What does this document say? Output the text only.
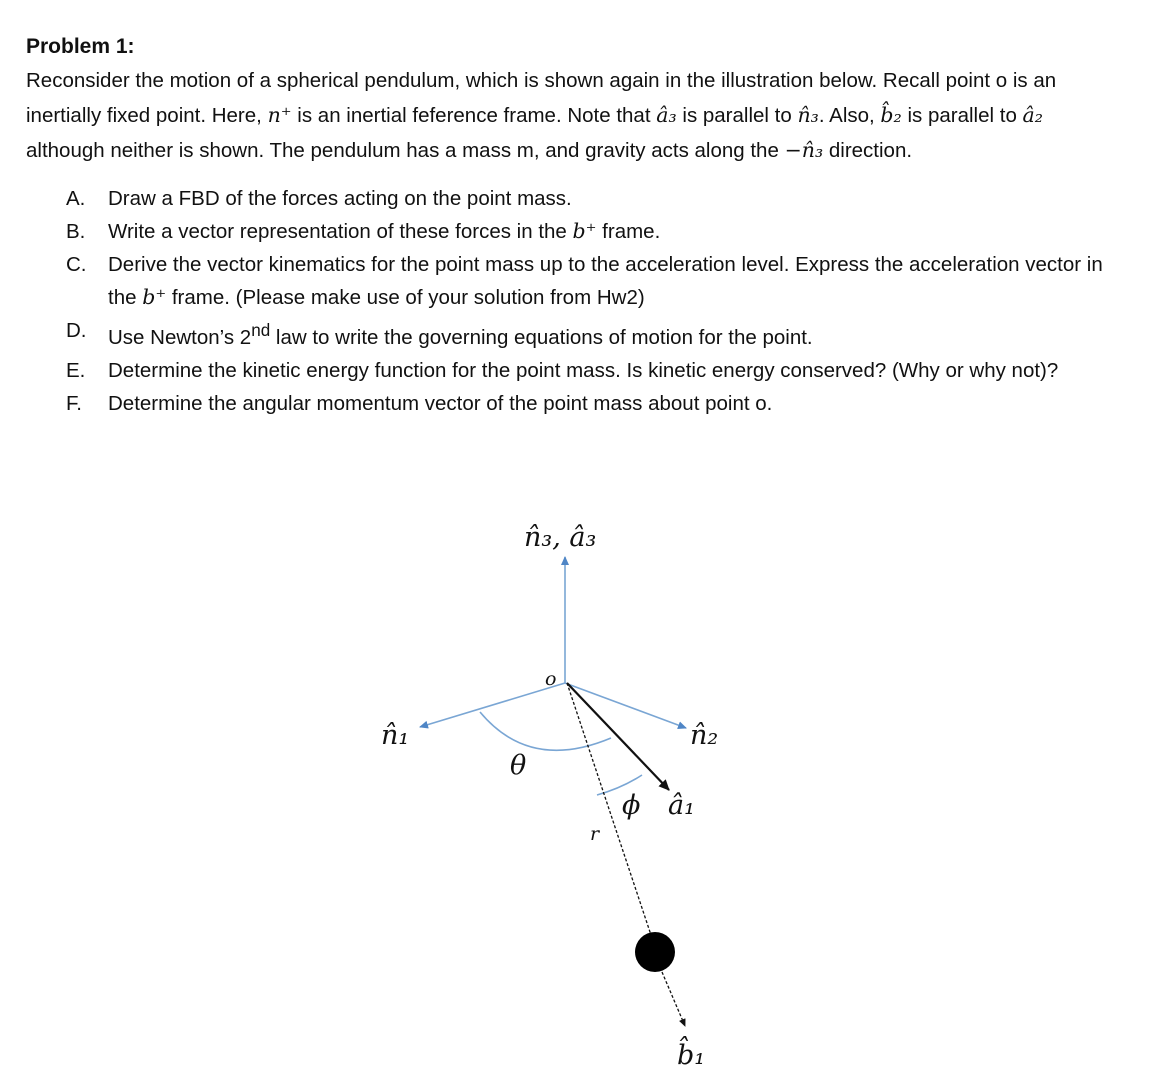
Problem 1:

Reconsider the motion of a spherical pendulum, which is shown again in the illustration below. Recall point o is an inertially fixed point. Here, n⁺ is an inertial feference frame. Note that â₃ is parallel to n̂₃. Also, b̂₂ is parallel to â₂ although neither is shown. The pendulum has a mass m, and gravity acts along the −n̂₃ direction.

A. Draw a FBD of the forces acting on the point mass.
B. Write a vector representation of these forces in the b⁺ frame.
C. Derive the vector kinematics for the point mass up to the acceleration level. Express the acceleration vector in the b⁺ frame. (Please make use of your solution from Hw2)
D. Use Newton’s 2nd law to write the governing equations of motion for the point.
E. Determine the kinetic energy function for the point mass. Is kinetic energy conserved? (Why or why not)?
F. Determine the angular momentum vector of the point mass about point o.
n̂₃, â₃
o
n̂₁	n̂₂
θ
ϕ â₁
r
b̂₁
